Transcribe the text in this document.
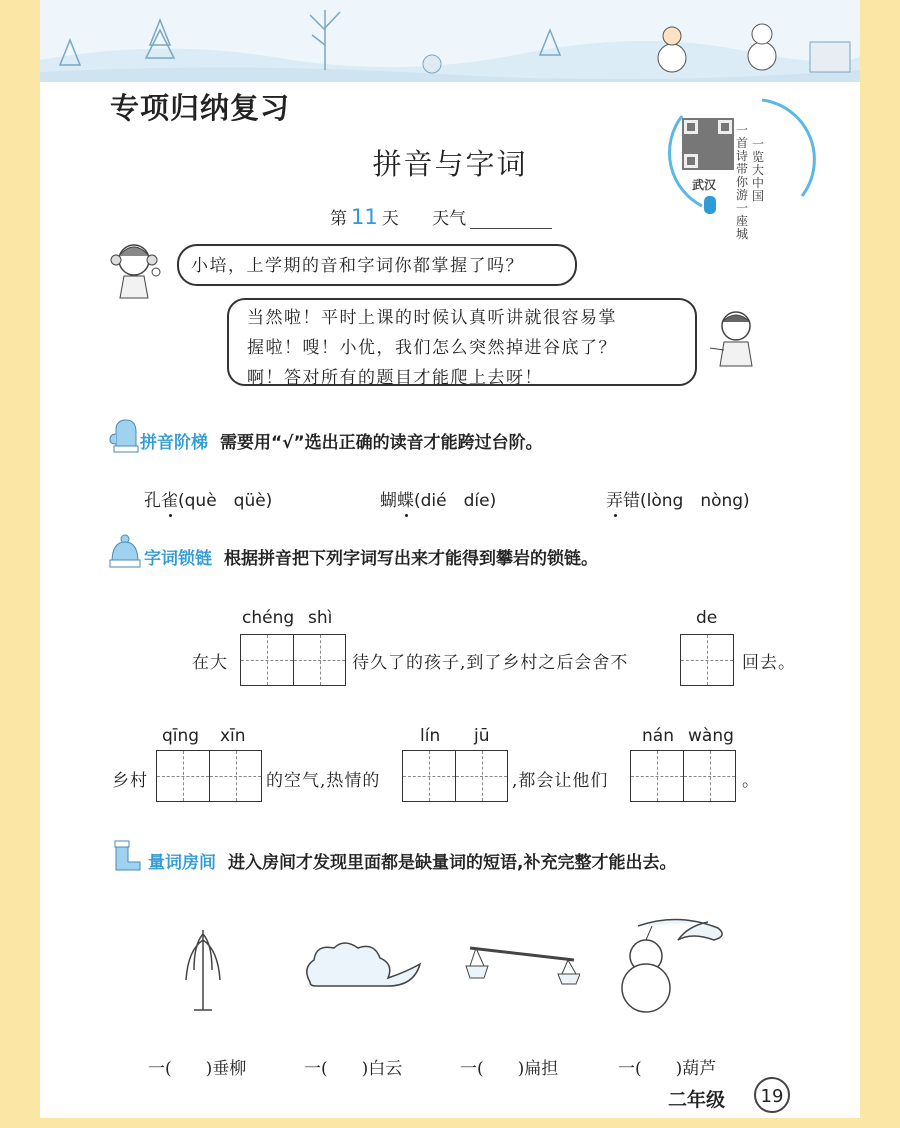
专项归纳复习
拼音与字词
第 11 天 天气
武汉
一首诗带你游一座城
一览大中国
小培，上学期的音和字词你都掌握了吗？
当然啦！平时上课的时候认真听讲就很容易掌
握啦！嗖！小优，我们怎么突然掉进谷底了？
啊！答对所有的题目才能爬上去呀！
拼音阶梯 需要用“√”选出正确的读音才能跨过台阶。
孔雀(què　qüè)	蝴蝶(dié　díe)	弄错(lòng　nòng)
字词锁链 根据拼音把下列字词写出来才能得到攀岩的锁链。
chéng shì	de
在大	待久了的孩子,到了乡村之后会舍不	回去。
qīng xīn	lín jū	nán wàng
乡村	的空气,热情的	,都会让他们	。
量词房间 进入房间才发现里面都是缺量词的短语,补充完整才能出去。
一(　　)垂柳	一(　　)白云	一(　　)扁担	一(　　)葫芦
二年级	19
